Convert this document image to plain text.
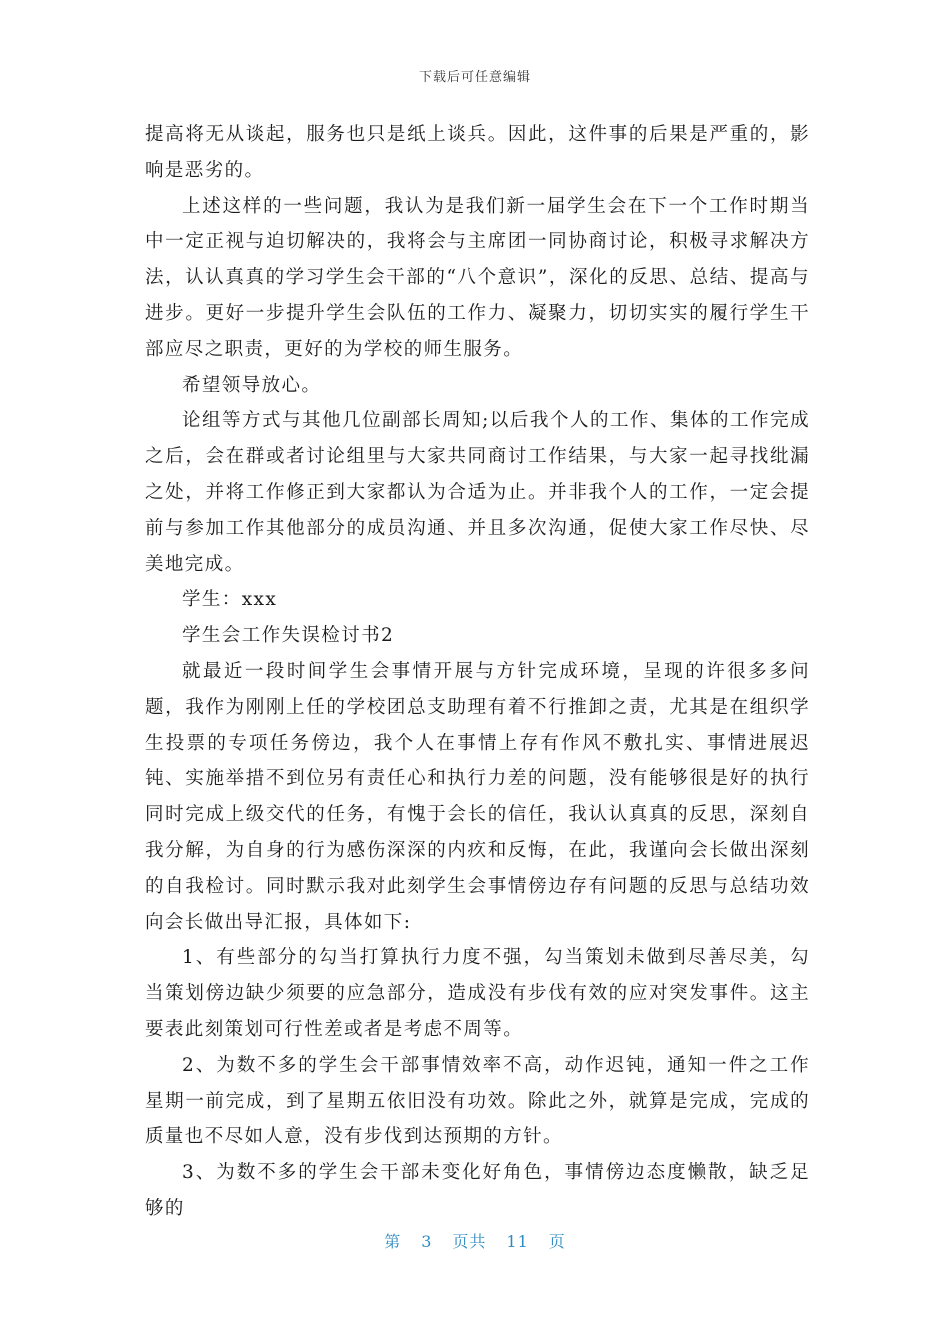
下载后可任意编辑

提高将无从谈起，服务也只是纸上谈兵。因此，这件事的后果是严重的，影响是恶劣的。

上述这样的一些问题，我认为是我们新一届学生会在下一个工作时期当中一定正视与迫切解决的，我将会与主席团一同协商讨论，积极寻求解决方法，认认真真的学习学生会干部的“八个意识”，深化的反思、总结、提高与进步。更好一步提升学生会队伍的工作力、凝聚力，切切实实的履行学生干部应尽之职责，更好的为学校的师生服务。

希望领导放心。

论组等方式与其他几位副部长周知;以后我个人的工作、集体的工作完成之后，会在群或者讨论组里与大家共同商讨工作结果，与大家一起寻找纰漏之处，并将工作修正到大家都认为合适为止。并非我个人的工作，一定会提前与参加工作其他部分的成员沟通、并且多次沟通，促使大家工作尽快、尽美地完成。

学生：xxx

学生会工作失误检讨书2

就最近一段时间学生会事情开展与方针完成环境，呈现的许很多多问题，我作为刚刚上任的学校团总支助理有着不行推卸之责，尤其是在组织学生投票的专项任务傍边，我个人在事情上存有作风不敷扎实、事情进展迟钝、实施举措不到位另有责任心和执行力差的问题，没有能够很是好的执行同时完成上级交代的任务，有愧于会长的信任，我认认真真的反思，深刻自我分解，为自身的行为感伤深深的内疚和反悔，在此，我谨向会长做出深刻的自我检讨。同时默示我对此刻学生会事情傍边存有问题的反思与总结功效向会长做出导汇报，具体如下:

1、有些部分的勾当打算执行力度不强，勾当策划未做到尽善尽美，勾当策划傍边缺少须要的应急部分，造成没有步伐有效的应对突发事件。这主要表此刻策划可行性差或者是考虑不周等。

2、为数不多的学生会干部事情效率不高，动作迟钝，通知一件之工作星期一前完成，到了星期五依旧没有功效。除此之外，就算是完成，完成的质量也不尽如人意，没有步伐到达预期的方针。

3、为数不多的学生会干部未变化好角色，事情傍边态度懒散，缺乏足够的

第 3 页共 11 页
